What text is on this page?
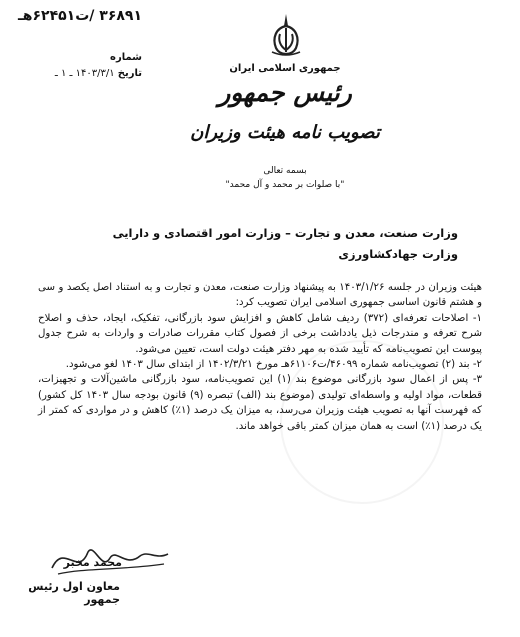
۳۶۸۹۱ /ت۶۲۴۵۱هـ
شماره
تاریخ ۱۴۰۳/۳/۱ ـ ۱ ـ	جمهوری اسلامی ایران
رئیس جمهور
تصویب نامه هیئت وزیران
بسمه تعالی
"با صلوات بر محمد و آل محمد"
وزارت صنعت، معدن و تجارت – وزارت امور اقتصادی و دارایی
وزارت جهادکشاورزی

هیئت وزیران در جلسه ۱۴۰۳/۱/۲۶ به پیشنهاد وزارت صنعت، معدن و تجارت و به استناد اصل یکصد و سی و هشتم قانون اساسی جمهوری اسلامی ایران تصویب کرد:

۱- اصلاحات تعرفه‌ای (۳۷۲) ردیف شامل کاهش و افزایش سود بازرگانی، تفکیک، ایجاد، حذف و اصلاح شرح تعرفه و مندرجات ذیل یادداشت برخی از فصول کتاب مقررات صادرات و واردات به شرح جدول پیوست این تصویب‌نامه که تأیید شده به مهر دفتر هیئت دولت است، تعیین می‌شود.

۲- بند (۲) تصویب‌نامه شماره ۴۶۰۹۹/ت۶۱۱۰۶هـ مورخ ۱۴۰۲/۳/۲۱ از ابتدای سال ۱۴۰۳ لغو می‌شود.

۳- پس از اعمال سود بازرگانی موضوع بند (۱) این تصویب‌نامه، سود بازرگانی ماشین‌آلات و تجهیزات، قطعات، مواد اولیه و واسطه‌ای تولیدی (موضوع بند (الف) تبصره (۹) قانون بودجه سال ۱۴۰۳ کل کشور) که فهرست آنها به تصویب هیئت وزیران می‌رسد، به میزان یک درصد (۱٪) کاهش و در مواردی که کمتر از یک درصد (۱٪) است به همان میزان کمتر باقی خواهد ماند.

محمد مخبر
معاون اول رئیس جمهور
